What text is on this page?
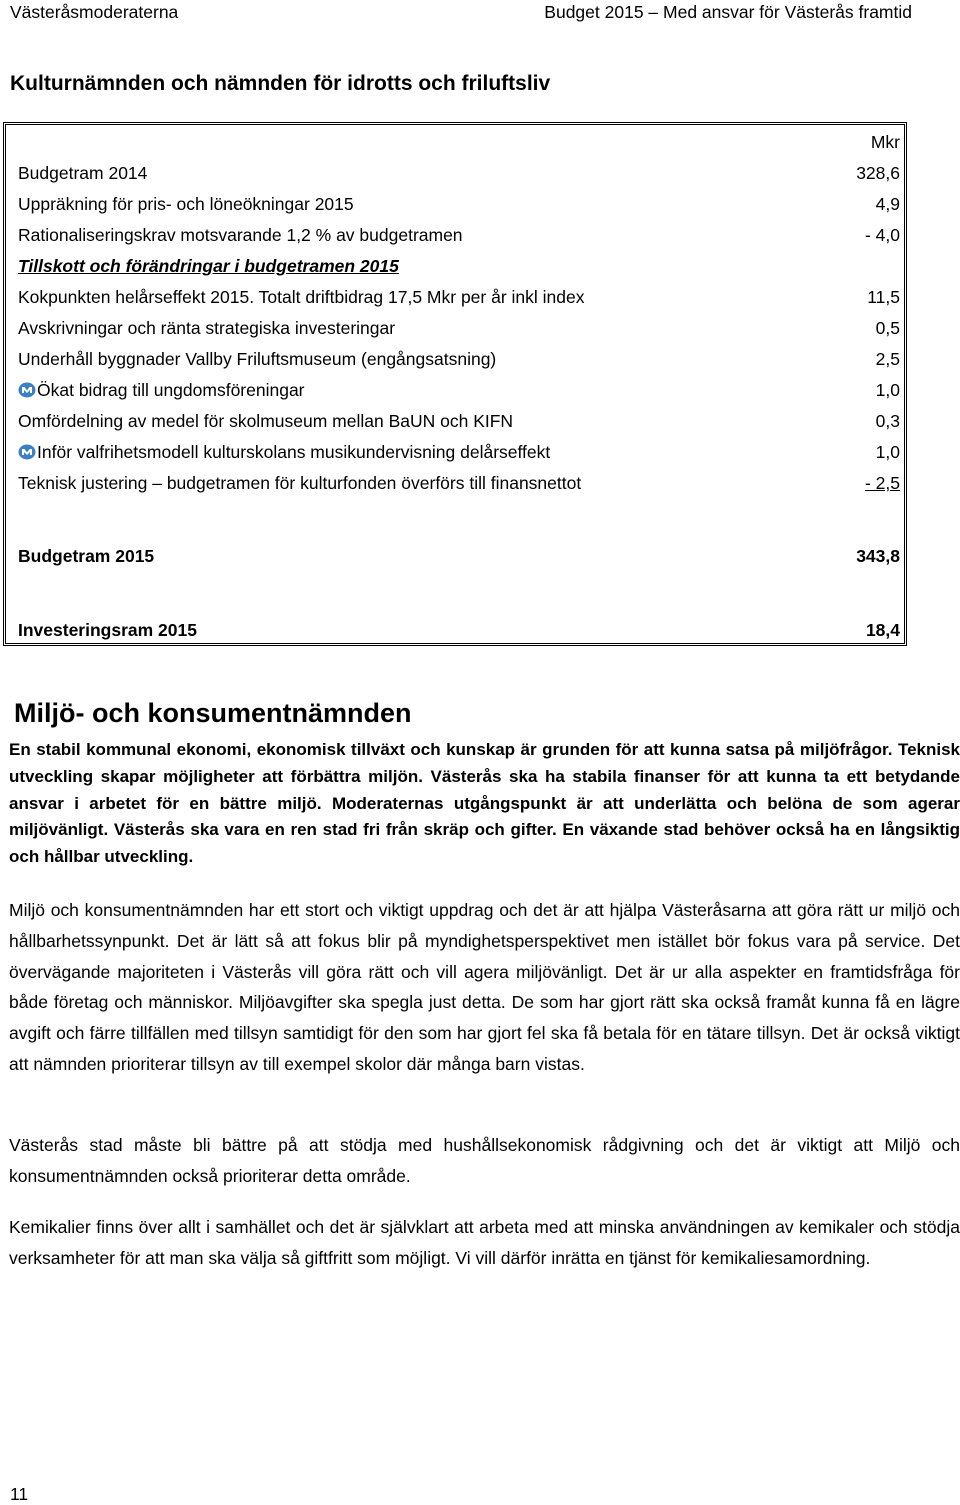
Västeråsmoderaterna	Budget 2015 – Med ansvar för Västerås framtid
Kulturnämnden och nämnden för idrotts och friluftsliv
Mkr
Budgetram 2014	328,6
Uppräkning för pris- och löneökningar 2015	4,9
Rationaliseringskrav motsvarande 1,2 % av budgetramen	- 4,0
Tillskott och förändringar i budgetramen 2015
Kokpunkten helårseffekt 2015. Totalt driftbidrag 17,5 Mkr per år inkl index	11,5
Avskrivningar och ränta strategiska investeringar	0,5
Underhåll byggnader Vallby Friluftsmuseum (engångsatsning)	2,5
Ökat bidrag till ungdomsföreningar	1,0
Omfördelning av medel för skolmuseum mellan BaUN och KIFN	0,3
Inför valfrihetsmodell kulturskolans musikundervisning delårseffekt	1,0
Teknisk justering – budgetramen för kulturfonden överförs till finansnettot	- 2,5
Budgetram 2015	343,8
Investeringsram 2015	18,4
Miljö- och konsumentnämnden
En stabil kommunal ekonomi, ekonomisk tillväxt och kunskap är grunden för att kunna satsa på miljöfrågor. Teknisk utveckling skapar möjligheter att förbättra miljön. Västerås ska ha stabila finanser för att kunna ta ett betydande ansvar i arbetet för en bättre miljö. Moderaternas utgångspunkt är att underlätta och belöna de som agerar miljövänligt. Västerås ska vara en ren stad fri från skräp och gifter. En växande stad behöver också ha en långsiktig och hållbar utveckling.
Miljö och konsumentnämnden har ett stort och viktigt uppdrag och det är att hjälpa Västeråsarna att göra rätt ur miljö och hållbarhetssynpunkt. Det är lätt så att fokus blir på myndighetsperspektivet men istället bör fokus vara på service. Det övervägande majoriteten i Västerås vill göra rätt och vill agera miljövänligt. Det är ur alla aspekter en framtidsfråga för både företag och människor. Miljöavgifter ska spegla just detta. De som har gjort rätt ska också framåt kunna få en lägre avgift och färre tillfällen med tillsyn samtidigt för den som har gjort fel ska få betala för en tätare tillsyn. Det är också viktigt att nämnden prioriterar tillsyn av till exempel skolor där många barn vistas.
Västerås stad måste bli bättre på att stödja med hushållsekonomisk rådgivning och det är viktigt att Miljö och konsumentnämnden också prioriterar detta område.
Kemikalier finns över allt i samhället och det är självklart att arbeta med att minska användningen av kemikaler och stödja verksamheter för att man ska välja så giftfritt som möjligt. Vi vill därför inrätta en tjänst för kemikaliesamordning.
11
